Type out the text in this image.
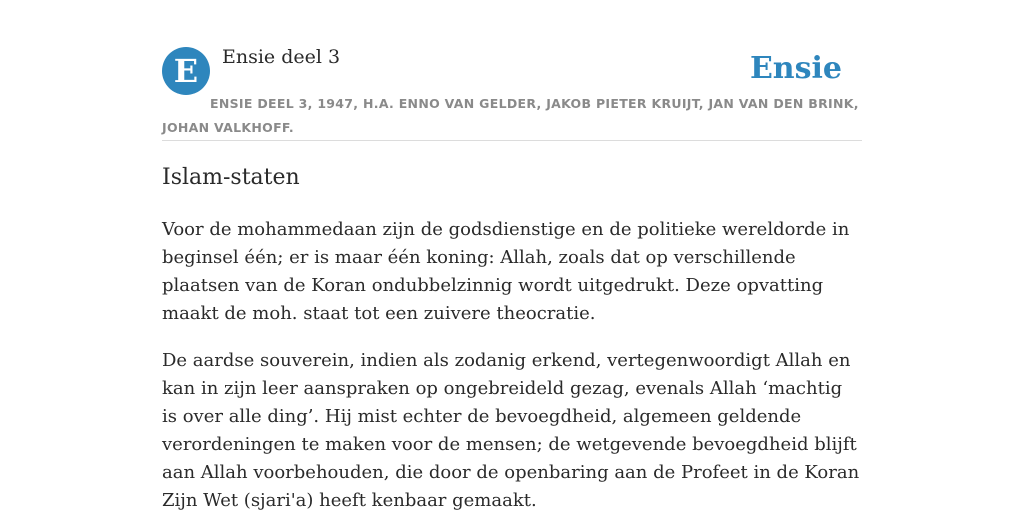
E	Ensie deel 3	Ensie
ENSIE DEEL 3, 1947, H.A. ENNO VAN GELDER, JAKOB PIETER KRUIJT, JAN VAN DEN BRINK, JOHAN VALKHOFF.
Islam-staten

Voor de mohammedaan zijn de godsdienstige en de politieke wereldorde in beginsel één; er is maar één koning: Allah, zoals dat op verschillende plaatsen van de Koran ondubbelzinnig wordt uitgedrukt. Deze opvatting maakt de moh. staat tot een zuivere theocratie.

De aardse souverein, indien als zodanig erkend, vertegenwoordigt Allah en kan in zijn leer aanspraken op ongebreideld gezag, evenals Allah ‘machtig is over alle ding’. Hij mist echter de bevoegdheid, algemeen geldende verordeningen te maken voor de mensen; de wetgevende bevoegdheid blijft aan Allah voorbehouden, die door de openbaring aan de Profeet in de Koran Zijn Wet (sjari'a) heeft kenbaar gemaakt.
